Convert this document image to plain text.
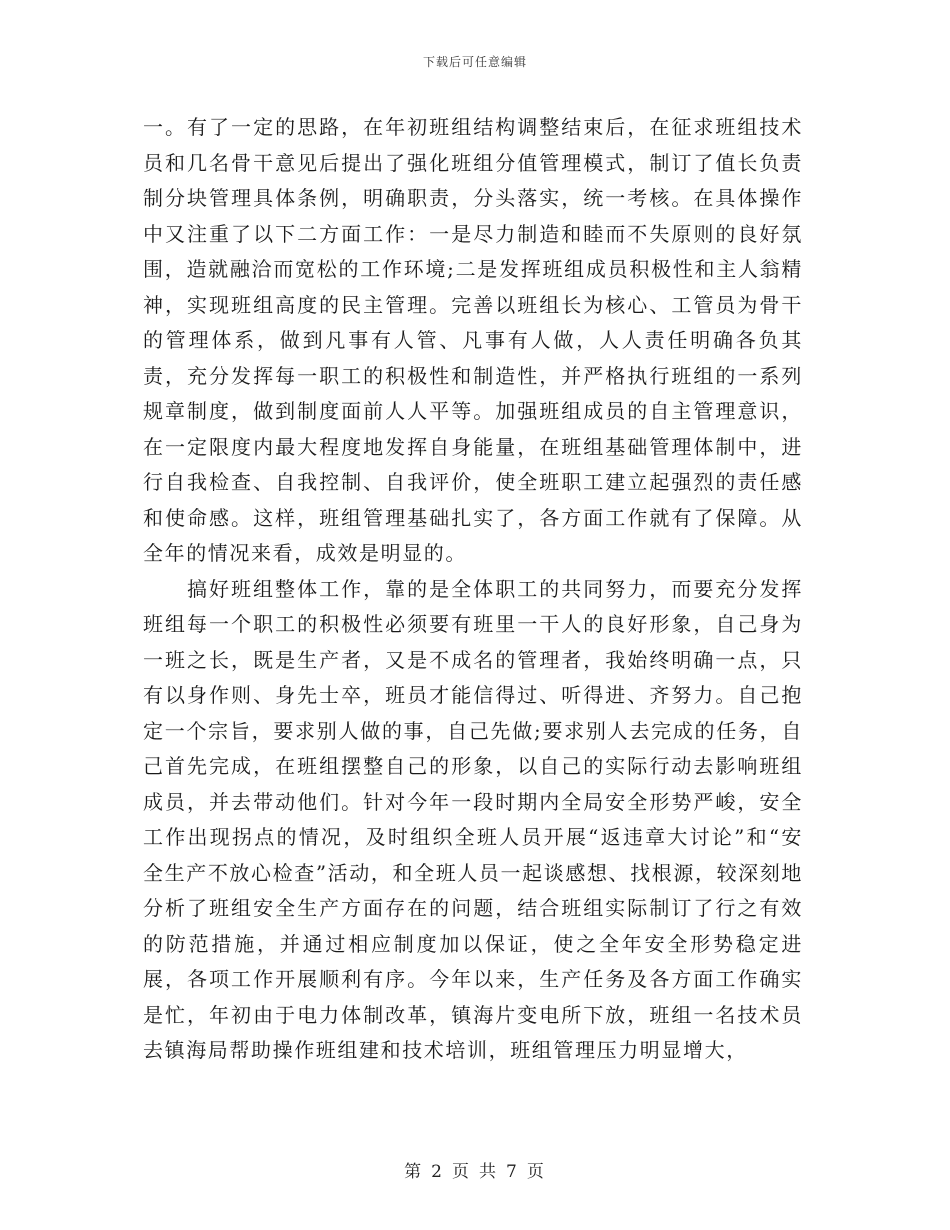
下载后可任意编辑

一。有了一定的思路，在年初班组结构调整结束后，在征求班组技术员和几名骨干意见后提出了强化班组分值管理模式，制订了值长负责制分块管理具体条例，明确职责，分头落实，统一考核。在具体操作中又注重了以下二方面工作：一是尽力制造和睦而不失原则的良好氛围，造就融洽而宽松的工作环境;二是发挥班组成员积极性和主人翁精神，实现班组高度的民主管理。完善以班组长为核心、工管员为骨干的管理体系，做到凡事有人管、凡事有人做，人人责任明确各负其责，充分发挥每一职工的积极性和制造性，并严格执行班组的一系列规章制度，做到制度面前人人平等。加强班组成员的自主管理意识，在一定限度内最大程度地发挥自身能量，在班组基础管理体制中，进行自我检查、自我控制、自我评价，使全班职工建立起强烈的责任感和使命感。这样，班组管理基础扎实了，各方面工作就有了保障。从全年的情况来看，成效是明显的。

搞好班组整体工作，靠的是全体职工的共同努力，而要充分发挥班组每一个职工的积极性必须要有班里一干人的良好形象，自己身为一班之长，既是生产者，又是不成名的管理者，我始终明确一点，只有以身作则、身先士卒，班员才能信得过、听得进、齐努力。自己抱定一个宗旨，要求别人做的事，自己先做;要求别人去完成的任务，自己首先完成，在班组摆整自己的形象，以自己的实际行动去影响班组成员，并去带动他们。针对今年一段时期内全局安全形势严峻，安全工作出现拐点的情况，及时组织全班人员开展“返违章大讨论”和“安全生产不放心检查”活动，和全班人员一起谈感想、找根源，较深刻地分析了班组安全生产方面存在的问题，结合班组实际制订了行之有效的防范措施，并通过相应制度加以保证，使之全年安全形势稳定进展，各项工作开展顺利有序。今年以来，生产任务及各方面工作确实是忙，年初由于电力体制改革，镇海片变电所下放，班组一名技术员去镇海局帮助操作班组建和技术培训，班组管理压力明显增大，

第 2 页 共 7 页
